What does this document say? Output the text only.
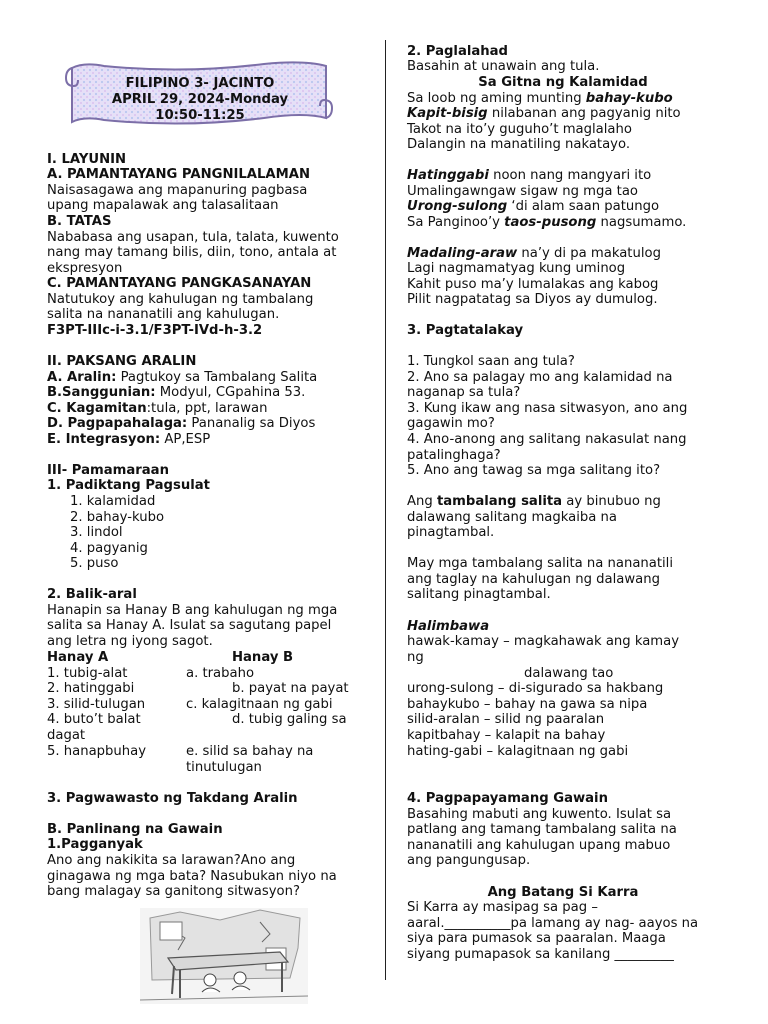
FILIPINO 3- JACINTO
APRIL 29, 2024-Monday
10:50-11:25
I. LAYUNIN
A. PAMANTAYANG PANGNILALAMAN
Naisasagawa ang mapanuring pagbasa
upang mapalawak ang talasalitaan
B. TATAS
Nababasa ang usapan, tula, talata, kuwento
nang may tamang bilis, diin, tono, antala at
ekspresyon
C. PAMANTAYANG PANGKASANAYAN
Natutukoy ang kahulugan ng tambalang
salita na nananatili ang kahulugan.
F3PT-IIIc-i-3.1/F3PT-IVd-h-3.2
II. PAKSANG ARALIN
A. Aralin: Pagtukoy sa Tambalang Salita
B.Sanggunian: Modyul, CGpahina 53.
C. Kagamitan:tula, ppt, larawan
D. Pagpapahalaga: Pananalig sa Diyos
E. Integrasyon: AP,ESP
III- Pamamaraan
1. Padiktang Pagsulat
1. kalamidad
2. bahay-kubo
3. lindol
4. pagyanig
5. puso
2. Balik-aral
Hanapin sa Hanay B ang kahulugan ng mga
salita sa Hanay A. Isulat sa sagutang papel
ang letra ng iyong sagot.
Hanay A	Hanay B
1. tubig-alat	a. trabaho
2. hatinggabi	b. payat na payat
3. silid-tulugan	c. kalagitnaan ng gabi
4. buto’t balat	d. tubig galing sa
dagat
5. hanapbuhay	e. silid sa bahay na
tinutulugan
3. Pagwawasto ng Takdang Aralin
B. Panlinang na Gawain
1.Pagganyak
Ano ang nakikita sa larawan?Ano ang
ginagawa ng mga bata? Nasubukan niyo na
bang malagay sa ganitong sitwasyon?
2. Paglalahad
Basahin at unawain ang tula.
Sa Gitna ng Kalamidad
Sa loob ng aming munting bahay-kubo
Kapit-bisig nilabanan ang pagyanig nito
Takot na ito’y guguho’t maglalaho
Dalangin na manatiling nakatayo.
Hatinggabi noon nang mangyari ito
Umalingawngaw sigaw ng mga tao
Urong-sulong ‘di alam saan patungo
Sa Panginoo’y taos-pusong nagsumamo.
Madaling-araw na’y di pa makatulog
Lagi nagmamatyag kung uminog
Kahit puso ma’y lumalakas ang kabog
Pilit nagpatatag sa Diyos ay dumulog.
3. Pagtatalakay
1. Tungkol saan ang tula?
2. Ano sa palagay mo ang kalamidad na
naganap sa tula?
3. Kung ikaw ang nasa sitwasyon, ano ang
gagawin mo?
4. Ano-anong ang salitang nakasulat nang
patalinghaga?
5. Ano ang tawag sa mga salitang ito?
Ang tambalang salita ay binubuo ng
dalawang salitang magkaiba na
pinagtambal.
May mga tambalang salita na nananatili
ang taglay na kahulugan ng dalawang
salitang pinagtambal.
Halimbawa
hawak-kamay – magkahawak ang kamay
ng
dalawang tao
urong-sulong – di-sigurado sa hakbang
bahaykubo – bahay na gawa sa nipa
silid-aralan – silid ng paaralan
kapitbahay – kalapit na bahay
hating-gabi – kalagitnaan ng gabi
4. Pagpapayamang Gawain
Basahing mabuti ang kuwento. Isulat sa
patlang ang tamang tambalang salita na
nananatili ang kahulugan upang mabuo
ang pangungusap.
Ang Batang Si Karra
Si Karra ay masipag sa pag –
aaral.__________pa lamang ay nag- aayos na
siya para pumasok sa paaralan. Maaga
siyang pumapasok sa kanilang _________
